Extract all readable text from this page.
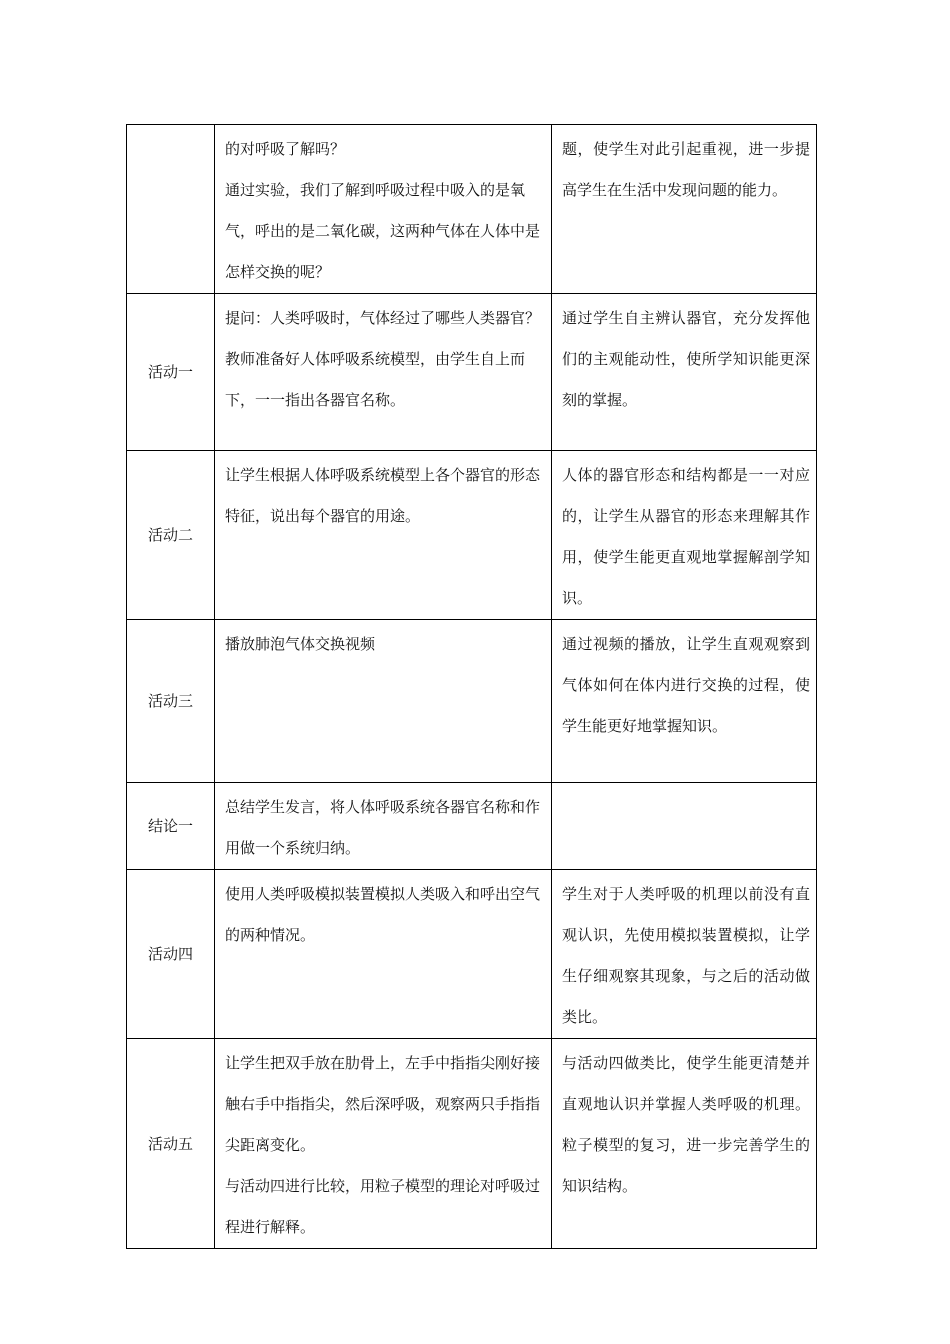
	的对呼吸了解吗？

通过实验，我们了解到呼吸过程中吸入的是氧气，呼出的是二氧化碳，这两种气体在人体中是怎样交换的呢？	题，使学生对此引起重视，进一步提高学生在生活中发现问题的能力。

活动一	提问：人类呼吸时，气体经过了哪些人类器官？

教师准备好人体呼吸系统模型，由学生自上而下，一一指出各器官名称。	通过学生自主辨认器官，充分发挥他们的主观能动性，使所学知识能更深刻的掌握。

活动二	让学生根据人体呼吸系统模型上各个器官的形态特征，说出每个器官的用途。	人体的器官形态和结构都是一一对应的，让学生从器官的形态来理解其作用，使学生能更直观地掌握解剖学知识。

活动三	播放肺泡气体交换视频	通过视频的播放，让学生直观观察到气体如何在体内进行交换的过程，使学生能更好地掌握知识。

结论一	总结学生发言，将人体呼吸系统各器官名称和作用做一个系统归纳。	

活动四	使用人类呼吸模拟装置模拟人类吸入和呼出空气的两种情况。	学生对于人类呼吸的机理以前没有直观认识，先使用模拟装置模拟，让学生仔细观察其现象，与之后的活动做类比。

活动五	让学生把双手放在肋骨上，左手中指指尖刚好接触右手中指指尖，然后深呼吸，观察两只手指指尖距离变化。

与活动四进行比较，用粒子模型的理论对呼吸过程进行解释。	与活动四做类比，使学生能更清楚并直观地认识并掌握人类呼吸的机理。粒子模型的复习，进一步完善学生的知识结构。
